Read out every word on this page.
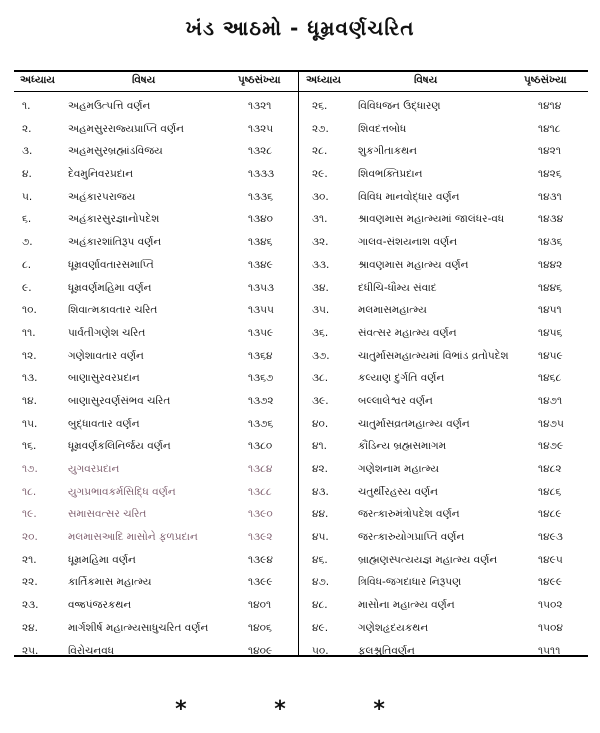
ખંડ આઠમો - ધૂમ્રવર્ણચરિત
અધ્યાય	વિષય	પૃષ્ઠસંખ્યા અધ્યાય	વિષય	પૃષ્ઠસંખ્યા
૧.	અહમઉત્પત્તિ વર્ણન	૧૩૨૧
૨.	અહમસુરરાજ્યપ્રાપ્તિ વર્ણન	૧૩૨૫
૩.	અહમસુરબ્રહ્માંડવિજય	૧૩૨૮
૪.	દેવમુનિવરપ્રદાન	૧૩૩૩
૫.	અહંકારપરાજય	૧૩૩૬
૬.	અહંકારસુરજ્ઞાનોપદેશ	૧૩૪૦
૭.	અહંકારશાંતિરૂપ વર્ણન	૧૩૪૬
૮.	ધૂમ્રવર્ણાવતારસમાપ્તિ	૧૩૪૯
૯.	ધૂમ્રવર્ણમહિમા વર્ણન	૧૩૫૩
૧૦.	શિવાત્મકાવતાર ચરિત	૧૩૫૫
૧૧.	પાર્વતીગણેશ ચરિત	૧૩૫૯
૧૨.	ગણેશાવતાર વર્ણન	૧૩૬૪
૧૩.	બાણાસુરવરપ્રદાન	૧૩૬૭
૧૪.	બાણાસુરવર્ણસંભવ ચરિત	૧૩૭૨
૧૫.	બુદ્ધાવતાર વર્ણન	૧૩૭૬
૧૬.	ધૂમ્રવર્ણકલિનિર્જય વર્ણન	૧૩૮૦
૧૭.	યુગવરપ્રદાન	૧૩૮૪
૧૮.	યુગપ્રભાવકર્મસિદ્ધિ વર્ણન	૧૩૮૮
૧૯.	સમાસવત્સર ચરિત	૧૩૯૦
૨૦.	મલમાસઆદિ માસોને ફળપ્રદાન	૧૩૯૨
૨૧.	ધૂમ્રમહિમા વર્ણન	૧૩૯૪
૨૨.	કાર્તિકમાસ મહાત્મ્ય	૧૩૯૯
૨૩.	વજ્રપંજરકથન	૧૪૦૧
૨૪.	માર્ગશીર્ષ મહાત્મ્યસાધુચરિત વર્ણન	૧૪૦૬
૨૫.	વિરોચનવધ	૧૪૦૯
૨૬.	વિવિધજન ઉદ્ધારણ	૧૪૧૪
૨૭.	શિવદત્તબોધ	૧૪૧૮
૨૮.	શુકગીતાકથન	૧૪૨૧
૨૯.	શિવભક્તિપ્રદાન	૧૪૨૬
૩૦.	વિવિધ માનવોદ્ધાર વર્ણન	૧૪૩૧
૩૧.	શ્રાવણમાસ મહાત્મ્યમાં જાલંધર-વધ	૧૪૩૪
૩૨.	ગાલવ-સંશયનાશ વર્ણન	૧૪૩૬
૩૩.	શ્રાવણમાસ મહાત્મ્ય વર્ણન	૧૪૪૨
૩૪.	દધીચિ-ધૌમ્ય સંવાદ	૧૪૪૬
૩૫.	મલમાસમહાત્મ્ય	૧૪૫૧
૩૬.	સંવત્સર મહાત્મ્ય વર્ણન	૧૪૫૬
૩૭.	ચાતુર્માસમહાત્મ્યમાં વિભાંડ વ્રતોપદેશ	૧૪૫૯
૩૮.	કલ્યાણ દુર્ગતિ વર્ણન	૧૪૬૮
૩૯.	બલ્લાલેશ્વર વર્ણન	૧૪૭૧
૪૦.	ચાતુર્માસવ્રતમહાત્મ્ય વર્ણન	૧૪૭૫
૪૧.	કૌંડિન્ય બ્રહ્મસમાગમ	૧૪૭૯
૪૨.	ગણેશનામ મહાત્મ્ય	૧૪૮૨
૪૩.	ચતુર્થીરહસ્ય વર્ણન	૧૪૮૬
૪૪.	જરત્કારુમંત્રોપદેશ વર્ણન	૧૪૮૯
૪૫.	જરત્કારુયોગપ્રાપ્તિ વર્ણન	૧૪૯૩
૪૬.	બ્રાહ્મણસ્પત્યયજ્ઞ મહાત્મ્ય વર્ણન	૧૪૯૫
૪૭.	ત્રિવિધ-જગદાધાર નિરૂપણ	૧૪૯૯
૪૮.	માસોના મહાત્મ્ય વર્ણન	૧૫૦૨
૪૯.	ગણેશહૃદયકથન	૧૫૦૪
૫૦.	ફલશ્રુતિવર્ણન	૧૫૧૧
* * *
